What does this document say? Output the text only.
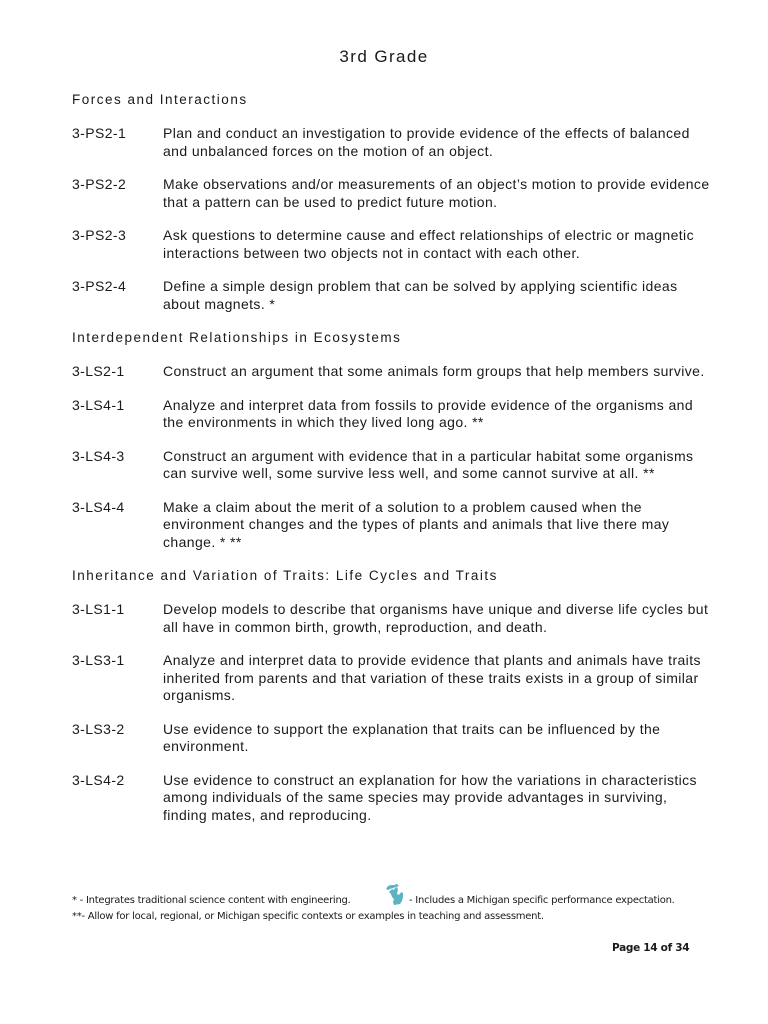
3rd Grade
Forces and Interactions
3-PS2-1	Plan and conduct an investigation to provide evidence of the effects of balanced and unbalanced forces on the motion of an object.
3-PS2-2	Make observations and/or measurements of an object’s motion to provide evidence that a pattern can be used to predict future motion.
3-PS2-3	Ask questions to determine cause and effect relationships of electric or magnetic interactions between two objects not in contact with each other.
3-PS2-4	Define a simple design problem that can be solved by applying scientific ideas about magnets. *
Interdependent Relationships in Ecosystems
3-LS2-1	Construct an argument that some animals form groups that help members survive.
3-LS4-1	Analyze and interpret data from fossils to provide evidence of the organisms and the environments in which they lived long ago. **
3-LS4-3	Construct an argument with evidence that in a particular habitat some organisms can survive well, some survive less well, and some cannot survive at all. **
3-LS4-4	Make a claim about the merit of a solution to a problem caused when the environment changes and the types of plants and animals that live there may change. * **
Inheritance and Variation of Traits: Life Cycles and Traits
3-LS1-1	Develop models to describe that organisms have unique and diverse life cycles but all have in common birth, growth, reproduction, and death.
3-LS3-1	Analyze and interpret data to provide evidence that plants and animals have traits inherited from parents and that variation of these traits exists in a group of similar organisms.
3-LS3-2	Use evidence to support the explanation that traits can be influenced by the environment.
3-LS4-2	Use evidence to construct an explanation for how the variations in characteristics among individuals of the same species may provide advantages in surviving, finding mates, and reproducing.
* - Integrates traditional science content with engineering.	- Includes a Michigan specific performance expectation.
**- Allow for local, regional, or Michigan specific contexts or examples in teaching and assessment.
Page 14 of 34
